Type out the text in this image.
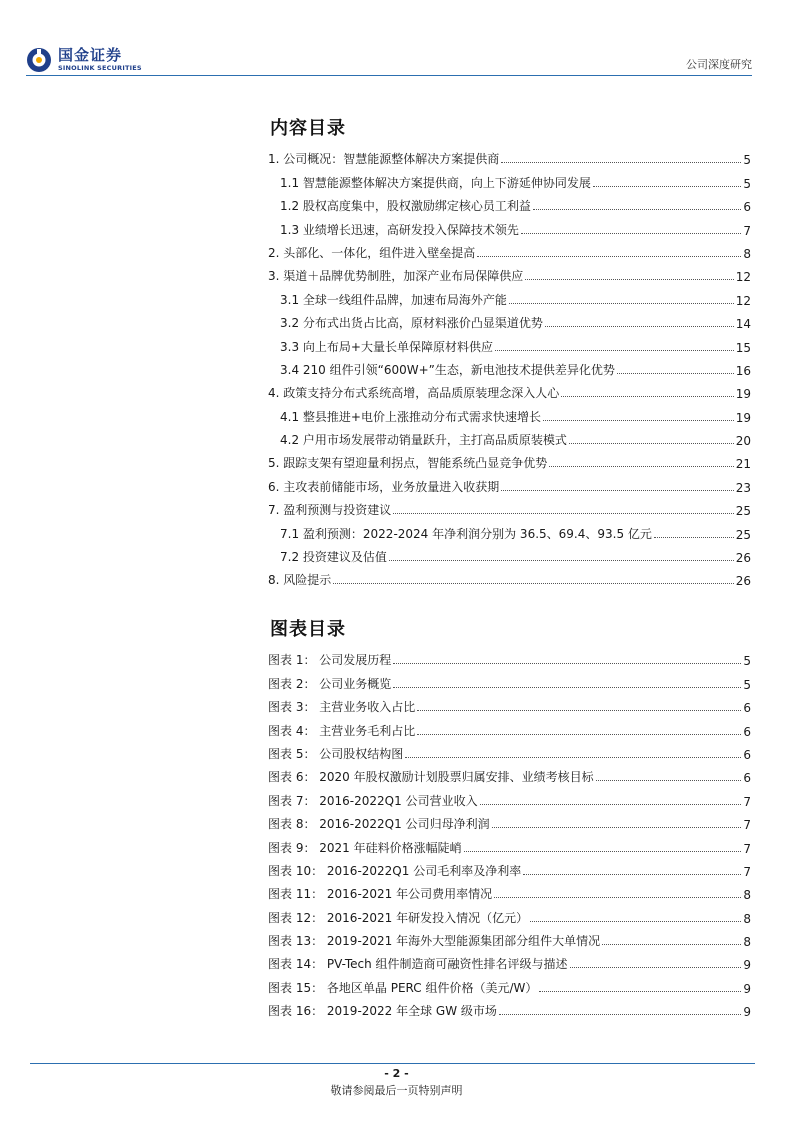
国金证券
SINOLINK SECURITIES	公司深度研究
内容目录
1. 公司概况：智慧能源整体解决方案提供商	5
1.1 智慧能源整体解决方案提供商，向上下游延伸协同发展	5
1.2 股权高度集中，股权激励绑定核心员工利益	6
1.3 业绩增长迅速，高研发投入保障技术领先	7
2. 头部化、一体化，组件进入壁垒提高	8
3. 渠道＋品牌优势制胜，加深产业布局保障供应	12
3.1 全球一线组件品牌，加速布局海外产能	12
3.2 分布式出货占比高，原材料涨价凸显渠道优势	14
3.3 向上布局+大量长单保障原材料供应	15
3.4 210 组件引领“600W+”生态，新电池技术提供差异化优势	16
4. 政策支持分布式系统高增，高品质原装理念深入人心	19
4.1 整县推进+电价上涨推动分布式需求快速增长	19
4.2 户用市场发展带动销量跃升，主打高品质原装模式	20
5. 跟踪支架有望迎量利拐点，智能系统凸显竞争优势	21
6. 主攻表前储能市场，业务放量进入收获期	23
7. 盈利预测与投资建议	25
7.1 盈利预测：2022-2024 年净利润分别为 36.5、69.4、93.5 亿元	25
7.2 投资建议及估值	26
8. 风险提示	26
图表目录
图表 1： 公司发展历程	5
图表 2： 公司业务概览	5
图表 3： 主营业务收入占比	6
图表 4： 主营业务毛利占比	6
图表 5： 公司股权结构图	6
图表 6： 2020 年股权激励计划股票归属安排、业绩考核目标	6
图表 7： 2016-2022Q1 公司营业收入	7
图表 8： 2016-2022Q1 公司归母净利润	7
图表 9： 2021 年硅料价格涨幅陡峭	7
图表 10： 2016-2022Q1 公司毛利率及净利率	7
图表 11： 2016-2021 年公司费用率情况	8
图表 12： 2016-2021 年研发投入情况（亿元）	8
图表 13： 2019-2021 年海外大型能源集团部分组件大单情况	8
图表 14： PV-Tech 组件制造商可融资性排名评级与描述	9
图表 15： 各地区单晶 PERC 组件价格（美元/W）	9
图表 16： 2019-2022 年全球 GW 级市场	9
- 2 -
敬请参阅最后一页特别声明
